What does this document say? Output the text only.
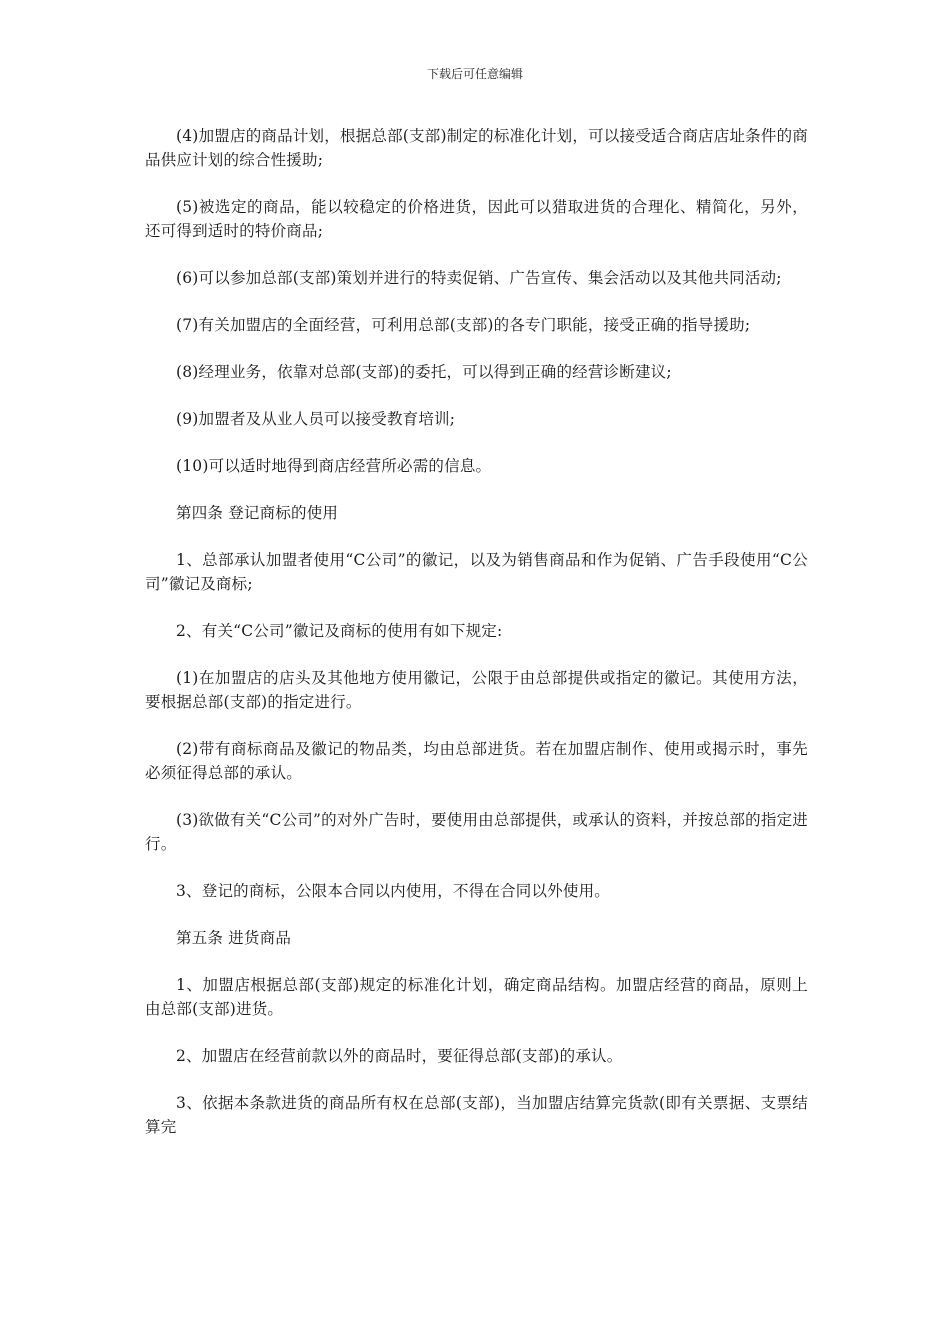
下载后可任意编辑

(4)加盟店的商品计划，根据总部(支部)制定的标准化计划，可以接受适合商店店址条件的商品供应计划的综合性援助;

(5)被选定的商品，能以较稳定的价格进货，因此可以猎取进货的合理化、精简化，另外，还可得到适时的特价商品;

(6)可以参加总部(支部)策划并进行的特卖促销、广告宣传、集会活动以及其他共同活动;

(7)有关加盟店的全面经营，可利用总部(支部)的各专门职能，接受正确的指导援助;

(8)经理业务，依靠对总部(支部)的委托，可以得到正确的经营诊断建议;

(9)加盟者及从业人员可以接受教育培训;

(10)可以适时地得到商店经营所必需的信息。

第四条 登记商标的使用

1、总部承认加盟者使用“C公司”的徽记，以及为销售商品和作为促销、广告手段使用“C公司”徽记及商标;

2、有关“C公司”徽记及商标的使用有如下规定:

(1)在加盟店的店头及其他地方使用徽记，公限于由总部提供或指定的徽记。其使用方法，要根据总部(支部)的指定进行。

(2)带有商标商品及徽记的物品类，均由总部进货。若在加盟店制作、使用或揭示时，事先必须征得总部的承认。

(3)欲做有关“C公司”的对外广告时，要使用由总部提供，或承认的资料，并按总部的指定进行。

3、登记的商标，公限本合同以内使用，不得在合同以外使用。

第五条 进货商品

1、加盟店根据总部(支部)规定的标准化计划，确定商品结构。加盟店经营的商品，原则上由总部(支部)进货。

2、加盟店在经营前款以外的商品时，要征得总部(支部)的承认。

3、依据本条款进货的商品所有权在总部(支部)，当加盟店结算完货款(即有关票据、支票结算完
